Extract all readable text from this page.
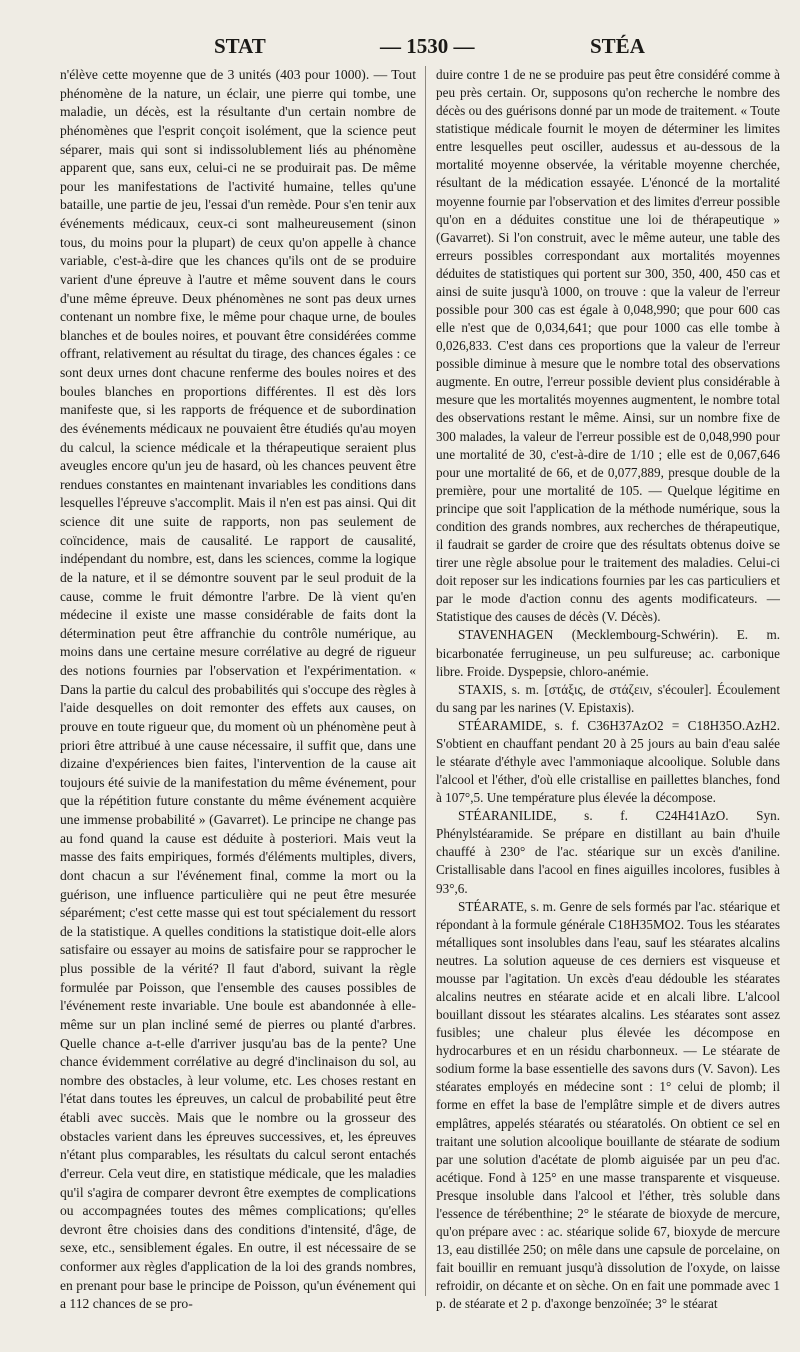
STAT	— 1530 —	STÉA

n'élève cette moyenne que de 3 unités (403 pour 1000). — Tout phénomène de la nature, un éclair, une pierre qui tombe, une maladie, un décès, est la résultante d'un certain nombre de phénomènes que l'esprit conçoit isolément, que la science peut séparer, mais qui sont si indissolublement liés au phénomène apparent que, sans eux, celui-ci ne se produirait pas. De même pour les manifestations de l'activité humaine, telles qu'une bataille, une partie de jeu, l'essai d'un remède. Pour s'en tenir aux événements médicaux, ceux-ci sont malheureusement (sinon tous, du moins pour la plupart) de ceux qu'on appelle à chance variable, c'est-à-dire que les chances qu'ils ont de se produire varient d'une épreuve à l'autre et même souvent dans le cours d'une même épreuve. Deux phénomènes ne sont pas deux urnes contenant un nombre fixe, le même pour chaque urne, de boules blanches et de boules noires, et pouvant être considérées comme offrant, relativement au résultat du tirage, des chances égales : ce sont deux urnes dont chacune renferme des boules noires et des boules blanches en proportions différentes. Il est dès lors manifeste que, si les rapports de fréquence et de subordination des événements médicaux ne pouvaient être étudiés qu'au moyen du calcul, la science médicale et la thérapeutique seraient plus aveugles encore qu'un jeu de hasard, où les chances peuvent être rendues constantes en maintenant invariables les conditions dans lesquelles l'épreuve s'accomplit. Mais il n'en est pas ainsi. Qui dit science dit une suite de rapports, non pas seulement de coïncidence, mais de causalité. Le rapport de causalité, indépendant du nombre, est, dans les sciences, comme la logique de la nature, et il se démontre souvent par le seul produit de la cause, comme le fruit démontre l'arbre. De là vient qu'en médecine il existe une masse considérable de faits dont la détermination peut être affranchie du contrôle numérique, au moins dans une certaine mesure corrélative au degré de rigueur des notions fournies par l'observation et l'expérimentation. « Dans la partie du calcul des probabilités qui s'occupe des règles à l'aide desquelles on doit remonter des effets aux causes, on prouve en toute rigueur que, du moment où un phénomène peut à priori être attribué à une cause nécessaire, il suffit que, dans une dizaine d'expériences bien faites, l'intervention de la cause ait toujours été suivie de la manifestation du même événement, pour que la répétition future constante du même événement acquière une immense probabilité » (Gavarret). Le principe ne change pas au fond quand la cause est déduite à posteriori. Mais veut la masse des faits empiriques, formés d'éléments multiples, divers, dont chacun a sur l'événement final, comme la mort ou la guérison, une influence particulière qui ne peut être mesurée séparément; c'est cette masse qui est tout spécialement du ressort de la statistique. A quelles conditions la statistique doit-elle alors satisfaire ou essayer au moins de satisfaire pour se rapprocher le plus possible de la vérité? Il faut d'abord, suivant la règle formulée par Poisson, que l'ensemble des causes possibles de l'événement reste invariable. Une boule est abandonnée à elle-même sur un plan incliné semé de pierres ou planté d'arbres. Quelle chance a-t-elle d'arriver jusqu'au bas de la pente? Une chance évidemment corrélative au degré d'inclinaison du sol, au nombre des obstacles, à leur volume, etc. Les choses restant en l'état dans toutes les épreuves, un calcul de probabilité peut être établi avec succès. Mais que le nombre ou la grosseur des obstacles varient dans les épreuves successives, et, les épreuves n'étant plus comparables, les résultats du calcul seront entachés d'erreur. Cela veut dire, en statistique médicale, que les maladies qu'il s'agira de comparer devront être exemptes de complications ou accompagnées toutes des mêmes complications; qu'elles devront être choisies dans des conditions d'intensité, d'âge, de sexe, etc., sensiblement égales. En outre, il est nécessaire de se conformer aux règles d'application de la loi des grands nombres, en prenant pour base le principe de Poisson, qu'un événement qui a 112 chances de se pro-

duire contre 1 de ne se produire pas peut être considéré comme à peu près certain. Or, supposons qu'on recherche le nombre des décès ou des guérisons donné par un mode de traitement. « Toute statistique médicale fournit le moyen de déterminer les limites entre lesquelles peut osciller, audessus et au-dessous de la mortalité moyenne observée, la véritable moyenne cherchée, résultant de la médication essayée. L'énoncé de la mortalité moyenne fournie par l'observation et des limites d'erreur possible qu'on en a déduites constitue une loi de thérapeutique » (Gavarret). Si l'on construit, avec le même auteur, une table des erreurs possibles correspondant aux mortalités moyennes déduites de statistiques qui portent sur 300, 350, 400, 450 cas et ainsi de suite jusqu'à 1000, on trouve : que la valeur de l'erreur possible pour 300 cas est égale à 0,048,990; que pour 600 cas elle n'est que de 0,034,641; que pour 1000 cas elle tombe à 0,026,833. C'est dans ces proportions que la valeur de l'erreur possible diminue à mesure que le nombre total des observations augmente. En outre, l'erreur possible devient plus considérable à mesure que les mortalités moyennes augmentent, le nombre total des observations restant le même. Ainsi, sur un nombre fixe de 300 malades, la valeur de l'erreur possible est de 0,048,990 pour une mortalité de 30, c'est-à-dire de 1/10 ; elle est de 0,067,646 pour une mortalité de 66, et de 0,077,889, presque double de la première, pour une mortalité de 105. — Quelque légitime en principe que soit l'application de la méthode numérique, sous la condition des grands nombres, aux recherches de thérapeutique, il faudrait se garder de croire que des résultats obtenus doive se tirer une règle absolue pour le traitement des maladies. Celui-ci doit reposer sur les indications fournies par les cas particuliers et par le mode d'action connu des agents modificateurs. — Statistique des causes de décès (V. Décès).

STAVENHAGEN (Mecklembourg-Schwérin). E. m. bicarbonatée ferrugineuse, un peu sulfureuse; ac. carbonique libre. Froide. Dyspepsie, chloro-anémie.

STAXIS, s. m. [στάξις, de στάζειν, s'écouler]. Écoulement du sang par les narines (V. Epistaxis).

STÉARAMIDE, s. f. C36H37AzO2 = C18H35O.AzH2. S'obtient en chauffant pendant 20 à 25 jours au bain d'eau salée le stéarate d'éthyle avec l'ammoniaque alcoolique. Soluble dans l'alcool et l'éther, d'où elle cristallise en paillettes blanches, fond à 107°,5. Une température plus élevée la décompose.

STÉARANILIDE, s. f. C24H41AzO. Syn. Phénylstéaramide. Se prépare en distillant au bain d'huile chauffé à 230° de l'ac. stéarique sur un excès d'aniline. Cristallisable dans l'acool en fines aiguilles incolores, fusibles à 93°,6.

STÉARATE, s. m. Genre de sels formés par l'ac. stéarique et répondant à la formule générale C18H35MO2. Tous les stéarates métalliques sont insolubles dans l'eau, sauf les stéarates alcalins neutres. La solution aqueuse de ces derniers est visqueuse et mousse par l'agitation. Un excès d'eau dédouble les stéarates alcalins neutres en stéarate acide et en alcali libre. L'alcool bouillant dissout les stéarates alcalins. Les stéarates sont assez fusibles; une chaleur plus élevée les décompose en hydrocarbures et en un résidu charbonneux. — Le stéarate de sodium forme la base essentielle des savons durs (V. Savon). Les stéarates employés en médecine sont : 1° celui de plomb; il forme en effet la base de l'emplâtre simple et de divers autres emplâtres, appelés stéaratés ou stéaratolés. On obtient ce sel en traitant une solution alcoolique bouillante de stéarate de sodium par une solution d'acétate de plomb aiguisée par un peu d'ac. acétique. Fond à 125° en une masse transparente et visqueuse. Presque insoluble dans l'alcool et l'éther, très soluble dans l'essence de térébenthine; 2° le stéarate de bioxyde de mercure, qu'on prépare avec : ac. stéarique solide 67, bioxyde de mercure 13, eau distillée 250; on mêle dans une capsule de porcelaine, on fait bouillir en remuant jusqu'à dissolution de l'oxyde, on laisse refroidir, on décante et on sèche. On en fait une pommade avec 1 p. de stéarate et 2 p. d'axonge benzoïnée; 3° le stéarat
